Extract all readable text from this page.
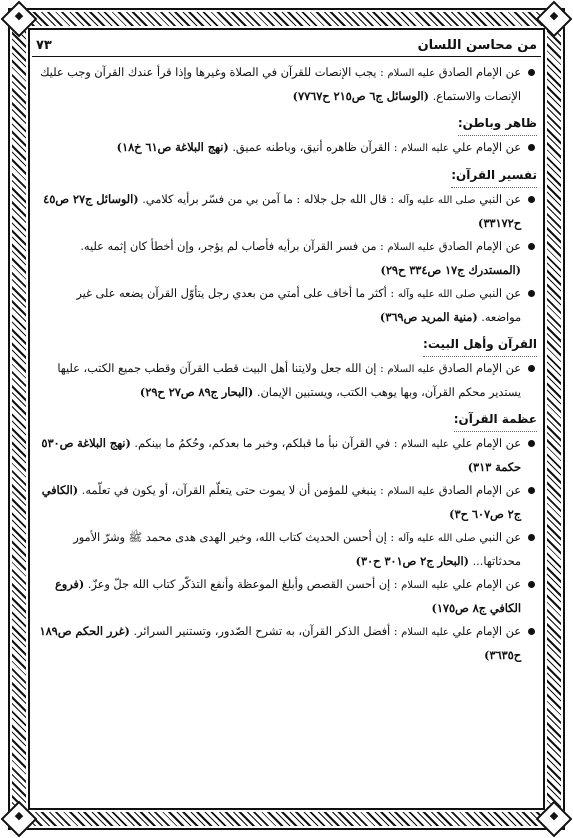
من محاسن اللسان
٧٣
عن الإمام الصادق عليه السلام : يجب الإنصات للقرآن في الصلاة وغيرها وإذا قرأ عندك القرآن وجب عليك الإنصات والاستماع. (الوسائل ج٦ ص٢١٥ ح٧٧٦٧)
ظاهر وباطن:
عن الإمام علي عليه السلام : القرآن ظاهره أنيق، وباطنه عميق. (نهج البلاغة ص٦١ خ١٨)
تفسير القرآن:
عن النبي صلى الله عليه وآله : قال الله جل جلاله : ما آمن بي من فسّر برأيه كلامي. (الوسائل ج٢٧ ص٤٥ ح٣٣١٧٢)
عن الإمام الصادق عليه السلام : من فسر القرآن برأيه فأصاب لم يؤجر، وإن أخطأ كان إثمه عليه. (المستدرك ج١٧ ص٣٣٤ ح٢٩)
عن النبي صلى الله عليه وآله : أكثر ما أخاف على أمتي من بعدي رجل يتأوّل القرآن يضعه على غير مواضعه. (منية المريد ص٣٦٩)
القرآن وأهل البيت:
عن الإمام الصادق عليه السلام : إن الله جعل ولايتنا أهل البيت قطب القرآن وقطب جميع الكتب، عليها يستدير محكم القرآن، وبها يوهب الكتب، ويستبين الإيمان. (البحار ج٨٩ ص٢٧ ح٢٩)
عظمة القرآن:
عن الإمام علي عليه السلام : في القرآن نبأ ما قبلكم، وخبر ما بعدكم، وحُكمُ ما بينكم. (نهج البلاغة ص٥٣٠ حكمة ٣١٣)
عن الإمام الصادق عليه السلام : ينبغي للمؤمن أن لا يموت حتى يتعلّم القرآن، أو يكون في تعلّمه. (الكافي ج٢ ص٦٠٧ ح٣)
عن النبي صلى الله عليه وآله : إن أحسن الحديث كتاب الله، وخير الهدى هدى محمد ﷺ وشرّ الأمور محدثاتها... (البحار ج٢ ص٣٠١ ح٣٠)
عن الإمام علي عليه السلام : إن أحسن القصص وأبلغ الموعظة وأنفع التذكّر كتاب الله جلّ وعزّ. (فروع الكافي ج٨ ص١٧٥)
عن الإمام علي عليه السلام : أفضل الذكر القرآن، به تشرح الصّدور، وتستنير السرائر. (غرر الحكم ص١٨٩ ح٣٦٣٥)
